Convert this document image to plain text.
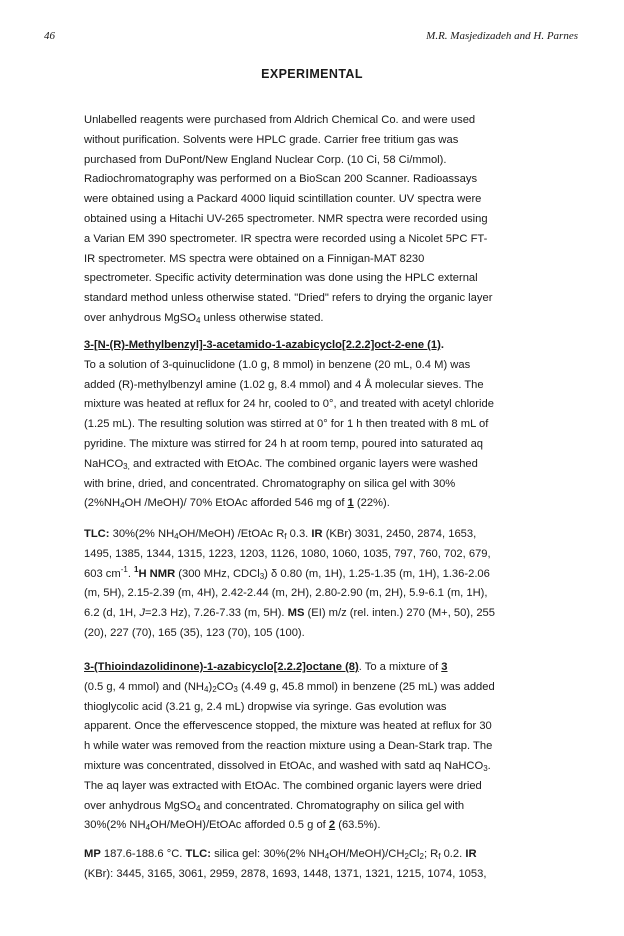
46	M.R. Masjedizadeh and H. Parnes
EXPERIMENTAL
Unlabelled reagents were purchased from Aldrich Chemical Co. and were used
without purification. Solvents were HPLC grade. Carrier free tritium gas was
purchased from DuPont/New England Nuclear Corp. (10 Ci, 58 Ci/mmol).
Radiochromatography was performed on a BioScan 200 Scanner. Radioassays
were obtained using a Packard 4000 liquid scintillation counter. UV spectra were
obtained using a Hitachi UV-265 spectrometer. NMR spectra were recorded using
a Varian EM 390 spectrometer. IR spectra were recorded using a Nicolet 5PC FT-
IR spectrometer. MS spectra were obtained on a Finnigan-MAT 8230
spectrometer. Specific activity determination was done using the HPLC external
standard method unless otherwise stated. "Dried" refers to drying the organic layer
over anhydrous MgSO$_4$ unless otherwise stated.
3-[N-(R)-Methylbenzyl]-3-acetamido-1-azabicyclo[2.2.2]oct-2-ene (1).
To a solution of 3-quinuclidone (1.0 g, 8 mmol) in benzene (20 mL, 0.4 M) was
added (R)-methylbenzyl amine (1.02 g, 8.4 mmol) and 4 Å molecular sieves. The
mixture was heated at reflux for 24 hr, cooled to 0°, and treated with acetyl chloride
(1.25 mL). The resulting solution was stirred at 0° for 1 h then treated with 8 mL of
pyridine. The mixture was stirred for 24 h at room temp, poured into saturated aq
NaHCO$_{3,}$ and extracted with EtOAc. The combined organic layers were washed
with brine, dried, and concentrated. Chromatography on silica gel with 30%
($2\%NH_4OH$ /MeOH)/ 70% EtOAc afforded 546 mg of 1 (22%).
TLC: 30%(2% $NH_4OH/MeOH$) /EtOAc $R_f$ 0.3. IR (KBr) 3031, 2450, 2874, 1653,
1495, 1385, 1344, 1315, 1223, 1203, 1126, 1080, 1060, 1035, 797, 760, 702, 679,
603 $cm^{-1}$. $^1$H NMR (300 MHz, CDCl$_3$) δ 0.80 (m, 1H), 1.25-1.35 (m, 1H), 1.36-2.06
(m, 5H), 2.15-2.39 (m, 4H), 2.42-2.44 (m, 2H), 2.80-2.90 (m, 2H), 5.9-6.1 (m, 1H),
6.2 (d, 1H, J=2.3 Hz), 7.26-7.33 (m, 5H). MS (EI) m/z (rel. inten.) 270 (M+, 50), 255
(20), 227 (70), 165 (35), 123 (70), 105 (100).
3-(Thioindazolidinone)-1-azabicyclo[2.2.2]octane (8). To a mixture of 3
(0.5 g, 4 mmol) and $(NH_4)_2CO_3$ (4.49 g, 45.8 mmol) in benzene (25 mL) was added
thioglycolic acid (3.21 g, 2.4 mL) dropwise via syringe. Gas evolution was
apparent. Once the effervescence stopped, the mixture was heated at reflux for 30
h while water was removed from the reaction mixture using a Dean-Stark trap. The
mixture was concentrated, dissolved in EtOAc, and washed with satd aq NaHCO$_3$.
The aq layer was extracted with EtOAc. The combined organic layers were dried
over anhydrous MgSO$_4$ and concentrated. Chromatography on silica gel with
30%(2% $NH_4OH/MeOH$)/EtOAc afforded 0.5 g of 2 (63.5%).
MP 187.6-188.6 °C. TLC: silica gel: 30%(2% $NH_4OH/MeOH)/CH_2Cl_2$; $R_f$ 0.2. IR
(KBr): 3445, 3165, 3061, 2959, 2878, 1693, 1448, 1371, 1321, 1215, 1074, 1053,
